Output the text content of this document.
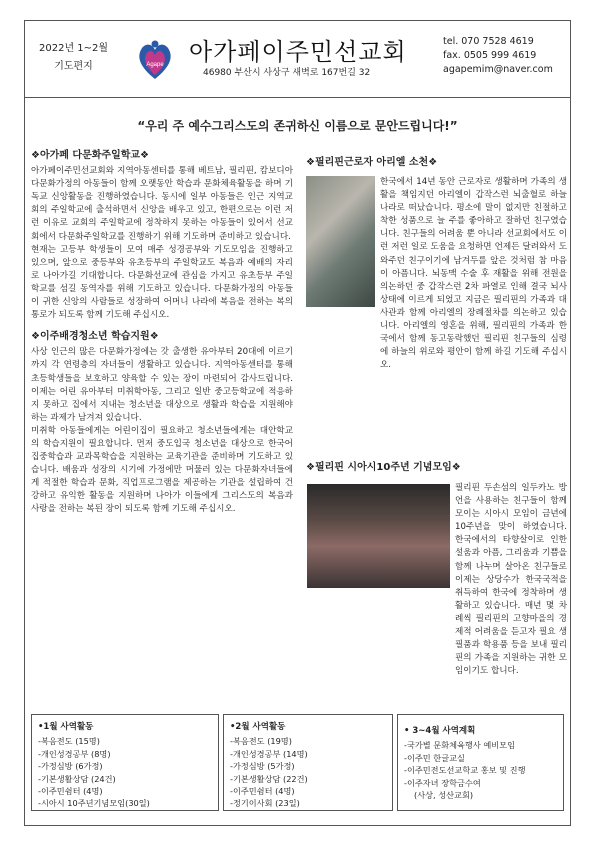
2022년 1~2월
기도편지	Agape 아가페이주민선교회
46980 부산시 사상구 새벽로 167번길 32
tel. 070 7528 4619
fax. 0505 999 4619
agapemim@naver.com
“우리 주 예수그리스도의 존귀하신 이름으로 문안드립니다!”
❖아가페 다문화주일학교❖

아가페이주민선교회와 지역아동센터를 통해 베트남, 필리핀, 캄보디아 다문화가정의 아동들이 함께 오랫동안 학습과 문화체육활동을 하며 기독교 신앙활동을 진행하였습니다. 동시에 일부 아동들은 인근 지역교회의 주일학교에 출석하면서 신앙을 배우고 있고, 한편으로는 이런 저런 이유로 교회의 주일학교에 정착하지 못하는 아동들이 있어서 선교회에서 다문화주일학교를 진행하기 위해 기도하며 준비하고 있습니다.

현재는 고등부 학생들이 모여 매주 성경공부와 기도모임을 진행하고 있으며, 앞으로 중등부와 유초등부의 주일학교도 복음과 예배의 자리로 나아가길 기대합니다. 다문화선교에 관심을 가지고 유초등부 주일학교를 섬길 동역자를 위해 기도하고 있습니다. 다문화가정의 아동들이 귀한 신앙의 사람들로 성장하여 어머니 나라에 복음을 전하는 복의 통로가 되도록 함께 기도해 주십시오.

❖이주배경청소년 학습지원❖

사상 인근의 많은 다문화가정에는 갓 출생한 유아부터 20대에 이르기까지 각 연령층의 자녀들이 생활하고 있습니다. 지역아동센터를 통해 초등학생들을 보호하고 양육할 수 있는 장이 마련되어 감사드립니다. 이제는 어린 유아부터 미취학아동, 그리고 일반 중고등학교에 적응하지 못하고 집에서 지내는 청소년을 대상으로 생활과 학습을 지원해야 하는 과제가 남겨져 있습니다.

미취학 아동들에게는 어린이집이 필요하고 청소년들에게는 대안학교의 학습지원이 필요합니다. 먼저 중도입국 청소년을 대상으로 한국어 집중학습과 교과목학습을 지원하는 교육기관을 준비하며 기도하고 있습니다. 배움과 성장의 시기에 가정에만 머물러 있는 다문화자녀들에게 적절한 학습과 문화, 직업프로그램을 제공하는 기관을 설립하여 건강하고 유익한 활동을 지원하며 나아가 이들에게 그리스도의 복음과 사랑을 전하는 복된 장이 되도록 함께 기도해 주십시오.

❖필리핀근로자 아리엘 소천❖

한국에서 14년 동안 근로자로 생활하며 가족의 생활을 책임지던 아리엘이 갑작스런 뇌출혈로 하늘나라로 떠났습니다. 평소에 말이 없지만 친절하고 착한 성품으로 늘 주를 좋아하고 잘하던 친구였습니다. 친구들의 어려움 뿐 아니라 선교회에서도 이런 저런 일로 도움을 요청하면 언제든 달려와서 도와주던 친구이기에 남겨두를 앞은 것처럼 참 마음이 아픔니다. 뇌동맥 수술 후 재활을 위해 전원을 의논하던 중 갑작스런 2차 파열로 인해 결국 뇌사상태에 이르게 되었고 지금은 필리핀의 가족과 대사관과 함께 아리엘의 장례절차를 의논하고 있습니다. 아리엘의 영혼을 위해, 필리핀의 가족과 한국에서 함께 동고동락했던 필리핀 친구들의 심령에 하늘의 위로와 평안이 함께 하길 기도해 주십시오.

❖필리핀 시아시10주년 기념모임❖

필리핀 두손섬의 일두카노 방언을 사용하는 친구들이 함께 모이는 시아시 모임이 금년에 10주년을 맞이 하였습니다. 한국에서의 타향살이로 인한 설움과 아픔, 그리움과 기쁨을 함께 나누며 살아온 친구들로 이제는 상당수가 한국국적을 취득하여 한국에 정착하며 생활하고 있습니다. 매년 몇 차례씩 필리핀의 고향마을의 경제적 어려움을 듣고자 필요 생필품과 학용품 등을 보내 필리핀의 가족을 지원하는 귀한 모임이기도 합니다.

•1월 사역활동
-복음전도 (15명)
-개인성경공부 (8명)
-가정심방 (6가정)
-기본생활상담 (24건)
-이주민쉼터 (4명)
-시아시 10주년기념모임(30일)
•2월 사역활동
-복음전도 (19명)
-개인성경공부 (14명)
-가정심방 (5가정)
-기본생활상담 (22건)
-이주민쉼터 (4명)
-정기이사회 (23일)
• 3~4월 사역계획
-국가별 문화체육행사 예비모임
-이주민 한글교실
-이주민전도선교학교 홍보 및 진행
-이주자녀 장학금수여
(사상, 성산교회)
